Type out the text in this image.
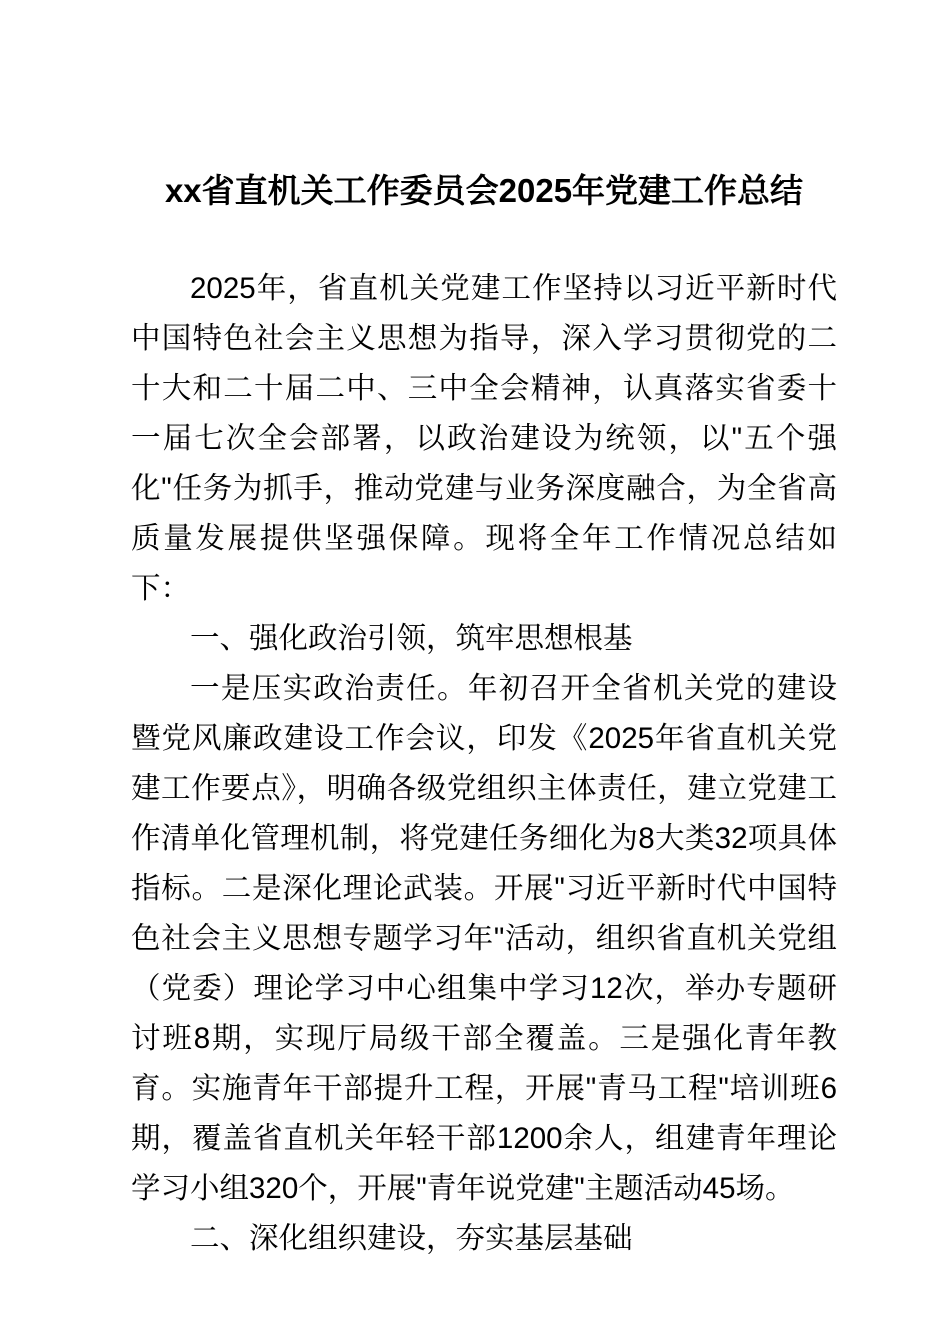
xx省直机关工作委员会2025年党建工作总结

2025年，省直机关党建工作坚持以习近平新时代中国特色社会主义思想为指导，深入学习贯彻党的二十大和二十届二中、三中全会精神，认真落实省委十一届七次全会部署，以政治建设为统领，以"五个强化"任务为抓手，推动党建与业务深度融合，为全省高质量发展提供坚强保障。现将全年工作情况总结如下：

一、强化政治引领，筑牢思想根基

一是压实政治责任。年初召开全省机关党的建设暨党风廉政建设工作会议，印发《2025年省直机关党建工作要点》，明确各级党组织主体责任，建立党建工作清单化管理机制，将党建任务细化为8大类32项具体指标。二是深化理论武装。开展"习近平新时代中国特色社会主义思想专题学习年"活动，组织省直机关党组（党委）理论学习中心组集中学习12次，举办专题研讨班8期，实现厅局级干部全覆盖。三是强化青年教育。实施青年干部提升工程，开展"青马工程"培训班6期，覆盖省直机关年轻干部1200余人，组建青年理论学习小组320个，开展"青年说党建"主题活动45场。

二、深化组织建设，夯实基层基础
